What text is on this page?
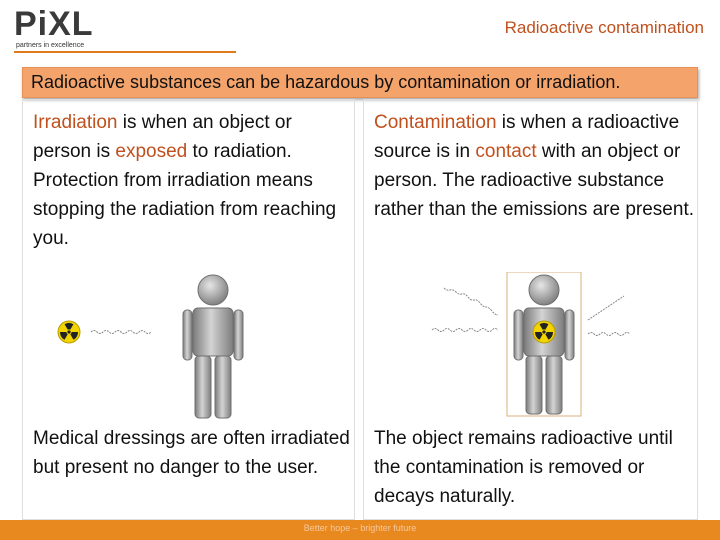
PiXL
partners in excellence
Radioactive contamination
Radioactive substances can be hazardous by contamination or irradiation.
Irradiation is when an object or person is exposed to radiation. Protection from irradiation means stopping the radiation from reaching you.
Medical dressings are often irradiated but present no danger to the user.
Contamination is when a radioactive source is in contact with an object or person. The radioactive substance rather than the emissions are present.
The object remains radioactive until the contamination is removed or decays naturally.
Better hope – brighter future
